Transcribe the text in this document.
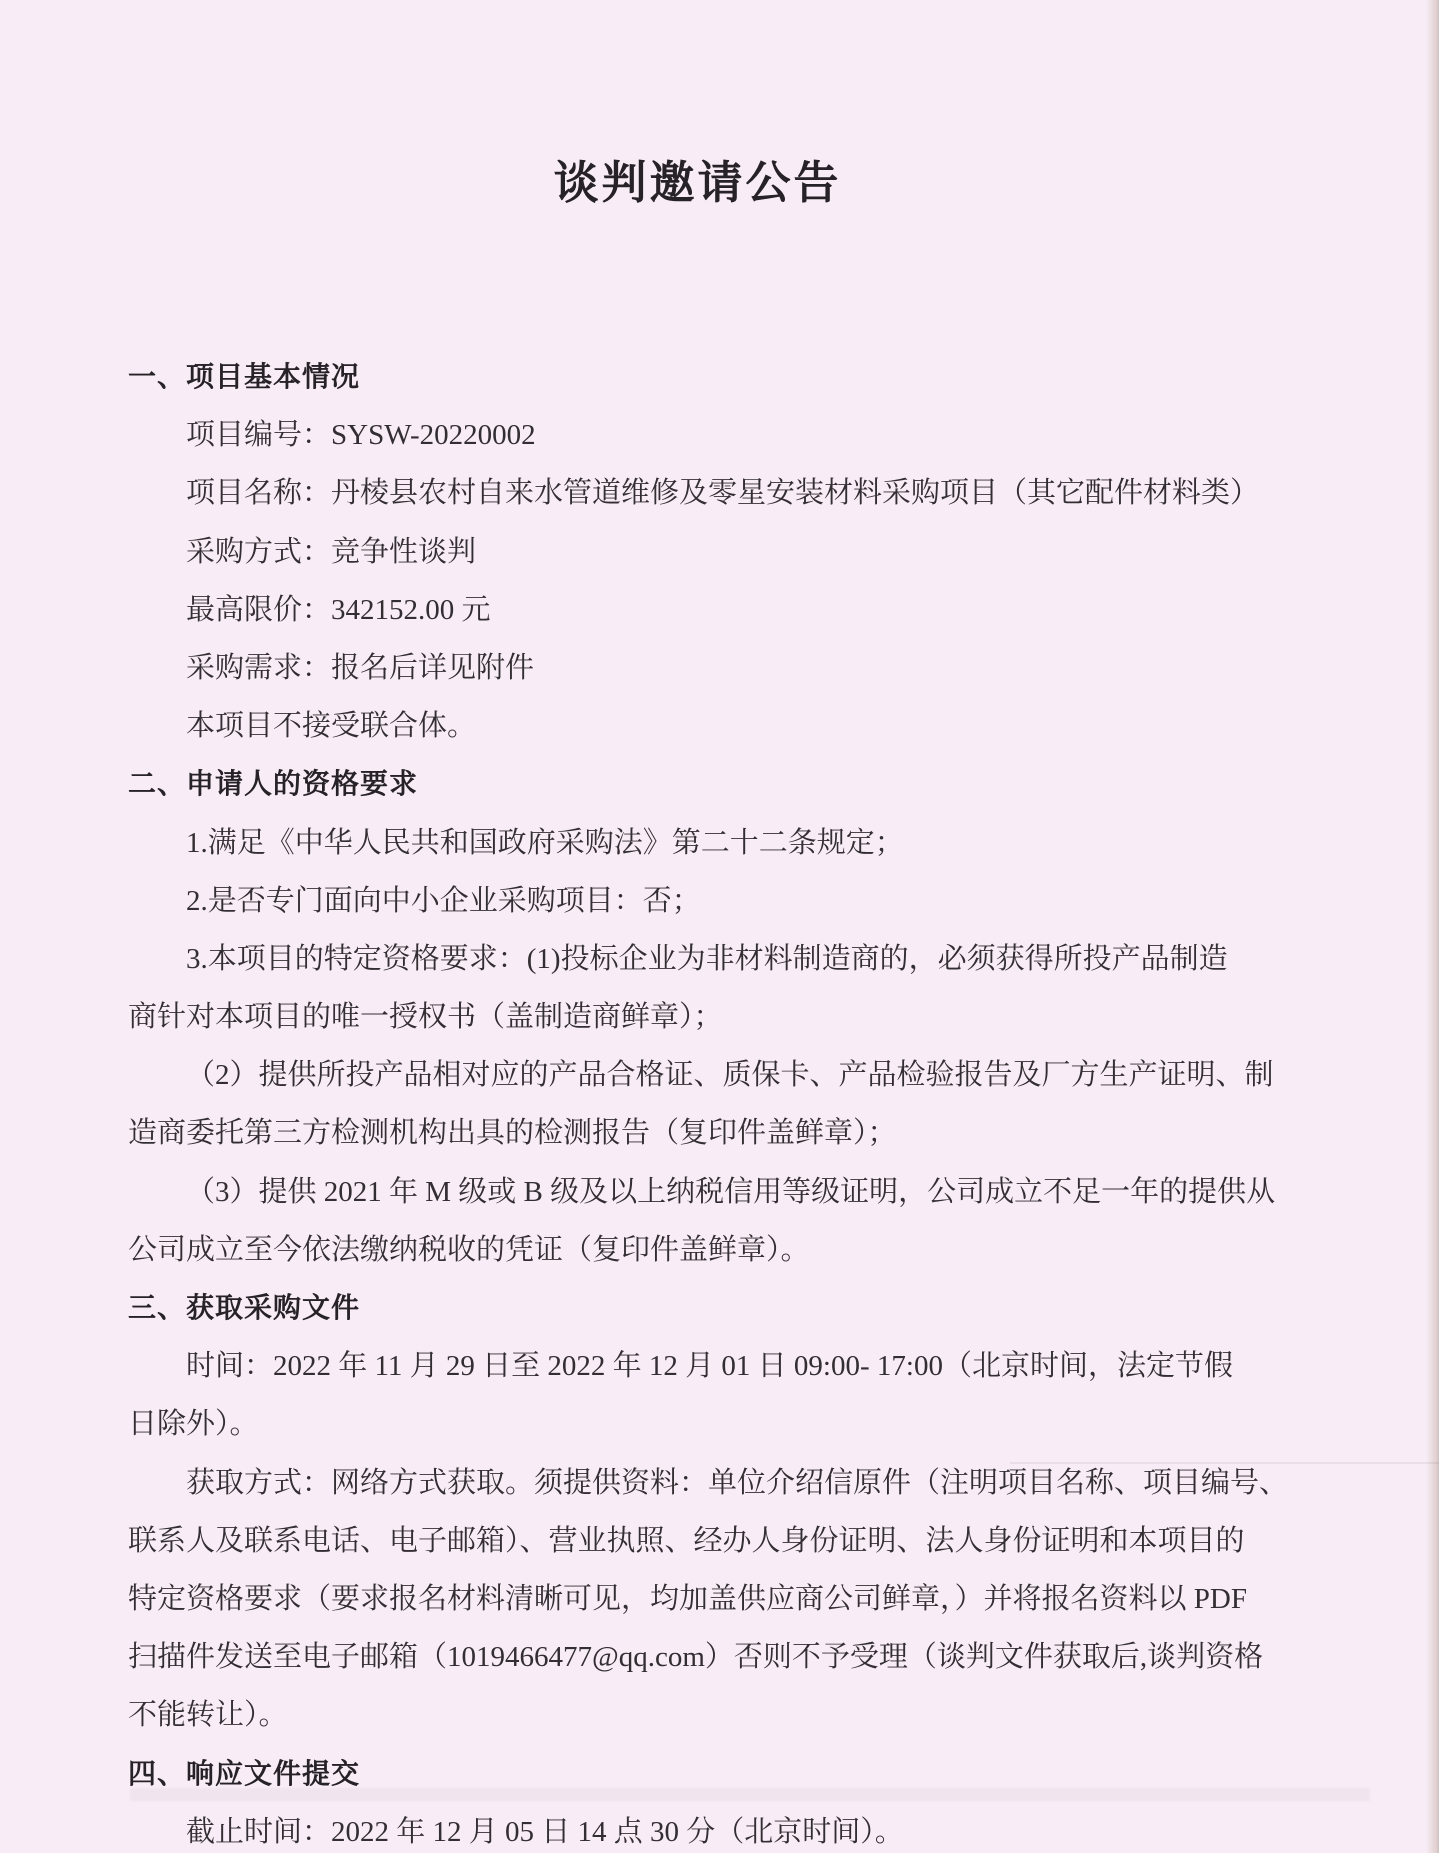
谈判邀请公告
一、项目基本情况
项目编号：SYSW-20220002
项目名称：丹棱县农村自来水管道维修及零星安装材料采购项目（其它配件材料类）
采购方式：竞争性谈判
最高限价：342152.00 元
采购需求：报名后详见附件
本项目不接受联合体。
二、申请人的资格要求
1.满足《中华人民共和国政府采购法》第二十二条规定；
2.是否专门面向中小企业采购项目：否；
3.本项目的特定资格要求：(1)投标企业为非材料制造商的，必须获得所投产品制造
商针对本项目的唯一授权书（盖制造商鲜章）；
（2）提供所投产品相对应的产品合格证、质保卡、产品检验报告及厂方生产证明、制
造商委托第三方检测机构出具的检测报告（复印件盖鲜章）；
（3）提供 2021 年 M 级或 B 级及以上纳税信用等级证明，公司成立不足一年的提供从
公司成立至今依法缴纳税收的凭证（复印件盖鲜章）。
三、获取采购文件
时间：2022 年 11 月 29 日至 2022 年 12 月 01 日 09:00- 17:00（北京时间，法定节假
日除外）。
获取方式：网络方式获取。须提供资料：单位介绍信原件（注明项目名称、项目编号、
联系人及联系电话、电子邮箱）、营业执照、经办人身份证明、法人身份证明和本项目的
特定资格要求（要求报名材料清晰可见，均加盖供应商公司鲜章，）并将报名资料以 PDF
扫描件发送至电子邮箱（1019466477@qq.com）否则不予受理（谈判文件获取后,谈判资格
不能转让）。
四、响应文件提交
截止时间：2022 年 12 月 05 日 14 点 30 分（北京时间）。
